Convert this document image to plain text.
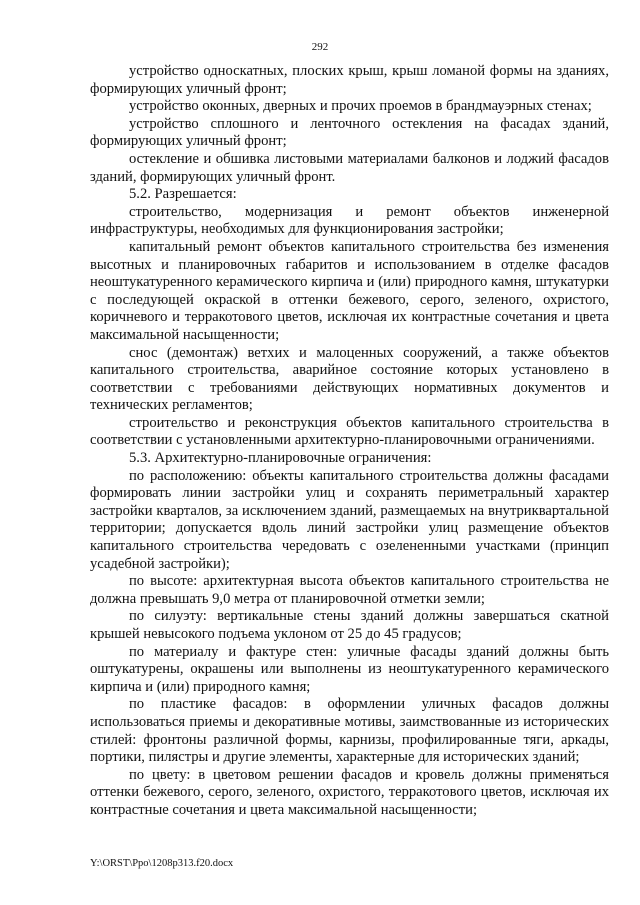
292

устройство односкатных, плоских крыш, крыш ломаной формы на зданиях, формирующих уличный фронт;

устройство оконных, дверных и прочих проемов в брандмауэрных стенах;

устройство сплошного и ленточного остекления на фасадах зданий, формирующих уличный фронт;

остекление и обшивка листовыми материалами балконов и лоджий фасадов зданий, формирующих уличный фронт.

5.2. Разрешается:

строительство, модернизация и ремонт объектов инженерной инфраструктуры, необходимых для функционирования застройки;

капитальный ремонт объектов капитального строительства без изменения высотных и планировочных габаритов и использованием в отделке фасадов неоштукатуренного керамического кирпича и (или) природного камня, штукатурки с последующей окраской в оттенки бежевого, серого, зеленого, охристого, коричневого и терракотового цветов, исключая их контрастные сочетания и цвета максимальной насыщенности;

снос (демонтаж) ветхих и малоценных сооружений, а также объектов капитального строительства, аварийное состояние которых установлено в соответствии с требованиями действующих нормативных документов и технических регламентов;

строительство и реконструкция объектов капитального строительства в соответствии с установленными архитектурно-планировочными ограничениями.

5.3. Архитектурно-планировочные ограничения:

по расположению: объекты капитального строительства должны фасадами формировать линии застройки улиц и сохранять периметральный характер застройки кварталов, за исключением зданий, размещаемых на внутриквартальной территории; допускается вдоль линий застройки улиц размещение объектов капитального строительства чередовать с озелененными участками (принцип усадебной застройки);

по высоте: архитектурная высота объектов капитального строительства не должна превышать 9,0 метра от планировочной отметки земли;

по силуэту: вертикальные стены зданий должны завершаться скатной крышей невысокого подъема уклоном от 25 до 45 градусов;

по материалу и фактуре стен: уличные фасады зданий должны быть оштукатурены, окрашены или выполнены из неоштукатуренного керамического кирпича и (или) природного камня;

по пластике фасадов: в оформлении уличных фасадов должны использоваться приемы и декоративные мотивы, заимствованные из исторических стилей: фронтоны различной формы, карнизы, профилированные тяги, аркады, портики, пилястры и другие элементы, характерные для исторических зданий;

по цвету: в цветовом решении фасадов и кровель должны применяться оттенки бежевого, серого, зеленого, охристого, терракотового цветов, исключая их контрастные сочетания и цвета максимальной насыщенности;

Y:\ORST\Ppo\1208p313.f20.docx
